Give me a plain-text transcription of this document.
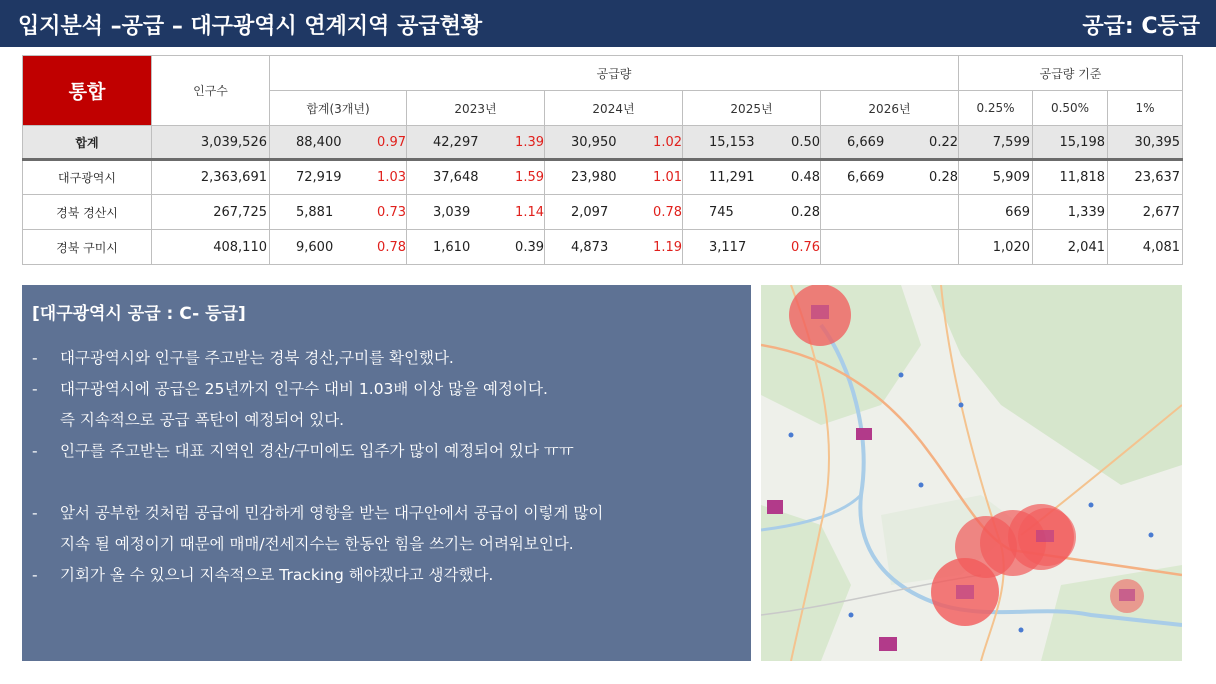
입지분석 –공급 – 대구광역시 연계지역 공급현황	공급: C등급
통합	인구수	공급량					공급량 기준		
		합계(3개년)	2023년	2024년	2025년	2026년	0.25%	0.50%	1%
합계	3,039,526	88,400 0.97	42,297 1.39	30,950 1.02	15,153 0.50	6,669 0.22	7,599	15,198	30,395
대구광역시	2,363,691	72,919 1.03	37,648 1.59	23,980 1.01	11,291 0.48	6,669 0.28	5,909	11,818	23,637
경북 경산시	267,725	5,881 0.73	3,039 1.14	2,097 0.78	745 0.28		669	1,339	2,677
경북 구미시	408,110	9,600 0.78	1,610 0.39	4,873 1.19	3,117 0.76		1,020	2,041	4,081
[대구광역시 공급 : C- 등급]
-	대구광역시와 인구를 주고받는 경북 경산,구미를 확인했다.
-	대구광역시에 공급은 25년까지 인구수 대비 1.03배 이상 많을 예정이다.
즉 지속적으로 공급 폭탄이 예정되어 있다.
-	인구를 주고받는 대표 지역인 경산/구미에도 입주가 많이 예정되어 있다 ㅠㅠ
-	앞서 공부한 것처럼 공급에 민감하게 영향을 받는 대구안에서 공급이 이렇게 많이
지속 될 예정이기 때문에 매매/전세지수는 한동안 힘을 쓰기는 어려워보인다.
-	기회가 올 수 있으니 지속적으로 Tracking 해야겠다고 생각했다.
